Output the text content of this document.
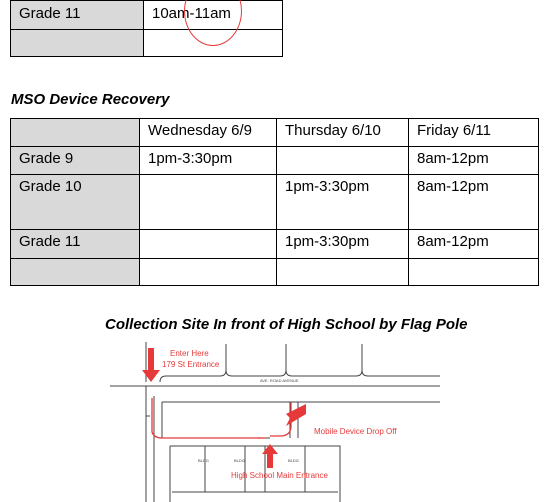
Grade 11	10am-11am

MSO Device Recovery
	Wednesday 6/9	Thursday 6/10	Friday 6/11
Grade 9	1pm-3:30pm		8am-12pm
Grade 10		1pm-3:30pm	8am-12pm
Grade 11		1pm-3:30pm	8am-12pm

Collection Site In front of High School by Flag Pole
AVE. ROAD AVENUE
BLDG	BLDG	BLDG
Enter Here
179 St Entrance
Mobile Device Drop Off
High School Main Entrance
